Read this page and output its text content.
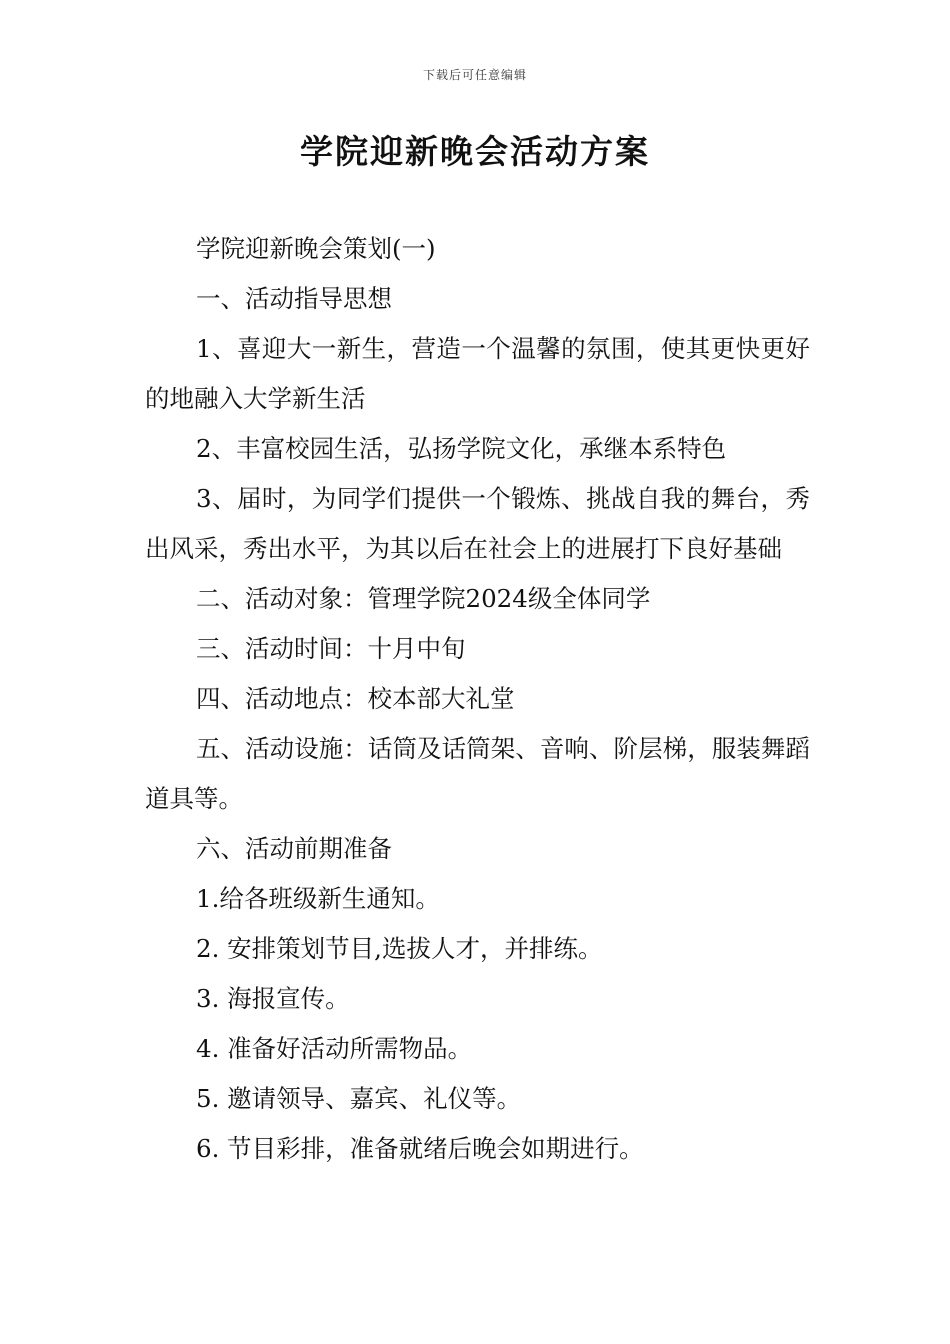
下载后可任意编辑
学院迎新晚会活动方案

学院迎新晚会策划(一)

一、活动指导思想

1、喜迎大一新生，营造一个温馨的氛围，使其更快更好的地融入大学新生活

2、丰富校园生活，弘扬学院文化，承继本系特色

3、届时，为同学们提供一个锻炼、挑战自我的舞台，秀出风采，秀出水平，为其以后在社会上的进展打下良好基础

二、活动对象：管理学院2024级全体同学

三、活动时间：十月中旬

四、活动地点：校本部大礼堂

五、活动设施：话筒及话筒架、音响、阶层梯，服装舞蹈道具等。

六、活动前期准备

1.给各班级新生通知。

2. 安排策划节目,选拔人才，并排练。

3. 海报宣传。

4. 准备好活动所需物品。

5. 邀请领导、嘉宾、礼仪等。

6. 节目彩排，准备就绪后晚会如期进行。
